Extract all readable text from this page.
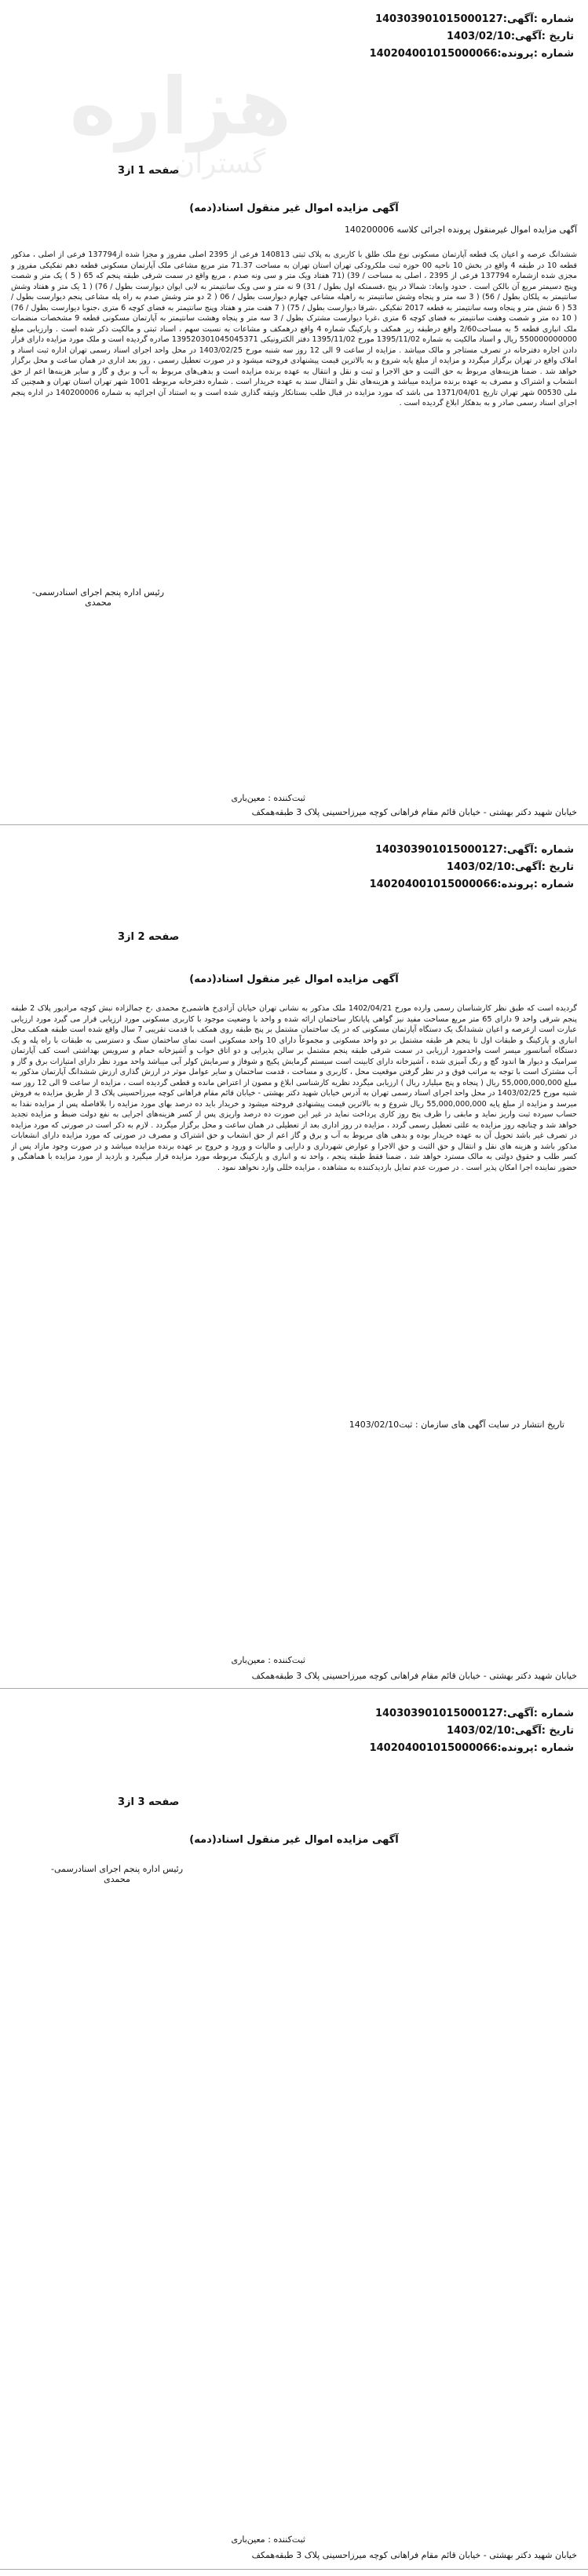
هزاره
گستران
شماره :آگهی:140303901015000127
تاریخ :آگهی:1403/02/10
شماره :پرونده:140204001015000066
صفحه 1 از3
آگهی مزایده اموال غیر منقول اسناد(دمه)
آگهی مزایده اموال غیرمنقول پرونده اجرائی کلاسه 140200006
ششدانگ عرصه و اعیان یک قطعه آپارتمان مسکونی نوع ملک طلق با کاربری به پلاک ثبتی 140813 فرعی از 2395 اصلی مفروز و مجزا شده از137794 فرعی از اصلی ، مذکور قطعه 10 در طبقه 4 واقع در بخش 10 ناحیه 00 حوزه ثبت ملکرودکی تهران استان تهران به مساحت 71.37 متر مربع مشاعی ملک آپارتمان مسکونی قطعه دهم تفکیکی مفروز و مجزی شده ازشماره 137794 فرعی از 2395 ، اصلی به مساحت / 39) (71 هفتاد ویک متر و سی ونه صدم ، مربع واقع در سمت شرقی طبقه پنجم که 65 ( 5 ) یک متر و شصت وپنج دسیمتر مربع آن بالکن است . حدود وابعاد: شمالا در پنج ،قسمتکه اول بطول / 31) 9 نه متر و سی ویک سانتیمتر به لابی ایوان دیوارست بطول / 76) ( 1 یک متر و هفتاد وشش سانتیمتر به پلکان بطول / 56) ( 3 سه متر و پنجاه وشش سانتیمتر به راهپله مشاعی چهارم دیوارست بطول / 06 ( 2 دو متر وشش صدم به راه پله مشاعی پنجم دیوارست بطول / 53 ( 6 شش متر و پنجاه وسه سانتیمتر به قطعه 2017 تفکیکی ،شرقا دیوارست بطول / 75) ( 7 هفت متر و هفتاد وپنج سانتیمتر به فضای کوچه 6 متری ،جنوبا دیوارست بطول / 76) ( 10 ده متر و شصت وهفت سانتیمتر به فضای کوچه 6 متری ،غربا دیوارست مشترک بطول / 3 سه متر و پنجاه وهشت سانتیمتر به آپارتمان مسکونی قطعه 9 مشخصات منضمات ملک انباری قطعه 5 به مساحت2/60 واقع درطبقه زیر همکف و پارکینگ شماره 4 واقع درهمکف و مشاعات به نسبت سهم ، اسناد ثبتی و مالکیت ذکر شده است . وارزیابی مبلغ 550000000000 ریال و اسناد مالکیت به شماره 1395/11/02 مورخ 1395/11/02 دفتر الکترونیکی 139520301045045371 صادره گردیده است و ملک مورد مزایده دارای قرار دادن اجاره دفترخانه در تصرف مستاجر و مالک میباشد . مزایده از ساعت 9 الی 12 روز سه شنبه مورخ 1403/02/25 در محل واحد اجرای اسناد رسمی تهران اداره ثبت اسناد و املاک واقع در تهران برگزار میگردد و مزایده از مبلغ پایه شروع و به بالاترین قیمت پیشنهادی فروخته میشود و در صورت تعطیل رسمی ، روز بعد اداری در همان ساعت و محل برگزار خواهد شد . ضمنا هزینه‌های مربوط به حق الثبت و حق الاجرا و ثبت و نقل و انتقال به عهده برنده مزایده است و بدهی‌های مربوط به آب و برق و گاز و سایر هزینه‌ها اعم از حق انشعاب و اشتراک و مصرف به عهده برنده مزایده میباشد و هزینه‌های نقل و انتقال سند به عهده خریدار است . شماره دفترخانه مربوطه 1001 شهر تهران استان تهران و همچنین کد ملی 00530 شهر تهران تاریخ 1371/04/01 می باشد که مورد مزایده در قبال طلب بستانکار وثیقه گذاری شده است و به استناد آن اجرائیه به شماره 140200006 در اداره پنجم اجرای اسناد رسمی صادر و به بدهکار ابلاغ گردیده است .
رئیس اداره پنجم اجرای اسنادرسمی-
محمدی
ثبت‌کننده : معین‌باری
خیابان شهید دکتر بهشتی - خیابان قائم مقام فراهانی کوچه میرزاحسینی پلاک 3 طبقه‌همکف
شماره :آگهی:140303901015000127
تاریخ :آگهی:1403/02/10
شماره :پرونده:140204001015000066
صفحه 2 از3
آگهی مزایده اموال غیر منقول اسناد(دمه)
گردیده است که طبق نظر کارشناسان رسمی وارده مورخ 1402/04/21 ملک مذکور به نشانی تهران خیابان آزادی‌خ هاشمی‌خ محمدی ،خ جمالزاده نبش کوچه مرادپور پلاک 2 طبقه پنجم شرقی واحد 9 دارای 65 متر مربع مساحت مفید نیز گواهی پایانکار ساختمان ارائه شده و واحد با وضعیت موجود با کاربری مسکونی مورد ارزیابی قرار می گیرد مورد ارزیابی عبارت است ازعرصه و اعیان ششدانگ یک دستگاه آپارتمان مسکونی که در یک ساختمان مشتمل بر پنج طبقه روی همکف با قدمت تقریبی 7 سال واقع شده است طبقه همکف محل انباری و پارکینگ و طبقات اول تا پنجم هر طبقه مشتمل بر دو واحد مسکونی و مجموعاً دارای 10 واحد مسکونی است نمای ساختمان سنگ و دسترسی به طبقات با راه پله و یک دستگاه آسانسور میسر است واحدمورد ارزیابی در سمت شرقی طبقه پنجم مشتمل بر سالن پذیرایی و دو اتاق خواب و آشپزخانه حمام و سرویس بهداشتی است کف آپارتمان سرامیک و دیوار ها اندود گچ و رنگ آمیزی شده ، آشپزخانه دارای کابینت است سیستم گرمایش پکیج و شوفاژ و سرمایش کولر آبی میباشد واحد مورد نظر دارای امتیازات برق و گاز و آب مشترک است با توجه به مراتب فوق و در نظر گرفتن موقعیت محل ، کاربری و مساحت ، قدمت ساختمان و سایر عوامل موثر در ارزش گذاری ارزش ششدانگ آپارتمان مذکور به مبلغ 55,000,000,000 ریال ( پنجاه و پنج میلیارد ریال ) ارزیابی میگردد نظریه کارشناسی ابلاغ و مصون از اعتراض مانده و قطعی گردیده است ، مزایده از ساعت 9 الی 12 روز سه شنبه مورخ 1403/02/25 در محل واحد اجرای اسناد رسمی تهران به آدرس خیابان شهید دکتر بهشتی - خیابان قائم مقام فراهانی کوچه میرزاحسینی پلاک 3 از طریق مزایده به فروش میرسد و مزایده از مبلغ پایه 55,000,000,000 ریال شروع و به بالاترین قیمت پیشنهادی فروخته میشود و خریدار باید ده درصد بهای مورد مزایده را بلافاصله پس از مزایده نقدا به حساب سپرده ثبت واریز نماید و مابقی را ظرف پنج روز کاری پرداخت نماید در غیر این صورت ده درصد واریزی پس از کسر هزینه‌های اجرایی به نفع دولت ضبط و مزایده تجدید خواهد شد و چنانچه روز مزایده به علتی تعطیل رسمی گردد ، مزایده در روز اداری بعد از تعطیلی در همان ساعت و محل برگزار میگردد . لازم به ذکر است در صورتی که مورد مزایده در تصرف غیر باشد تحویل آن به عهده خریدار بوده و بدهی های مربوط به آب و برق و گاز اعم از حق انشعاب و حق اشتراک و مصرف در صورتی که مورد مزایده دارای انشعابات مذکور باشد و هزینه های نقل و انتقال و حق الثبت و حق الاجرا و عوارض شهرداری و دارایی و مالیات و ورود و خروج بر عهده برنده مزایده میباشد و در صورت وجود مازاد پس از کسر طلب و حقوق دولتی به مالک مسترد خواهد شد ، ضمنا فقط طبقه پنجم ، واحد نه و انباری و پارکینگ مربوطه مورد مزایده قرار میگیرد و بازدید از مورد مزایده با هماهنگی و حضور نماینده اجرا امکان پذیر است . در صورت عدم تمایل بازدیدکننده به مشاهده ، مزایده خللی وارد نخواهد نمود .
تاریخ انتشار در سایت آگهی های سازمان : ثبت1403/02/10
ثبت‌کننده : معین‌باری
خیابان شهید دکتر بهشتی - خیابان قائم مقام فراهانی کوچه میرزاحسینی پلاک 3 طبقه‌همکف
شماره :آگهی:140303901015000127
تاریخ :آگهی:1403/02/10
شماره :پرونده:140204001015000066
صفحه 3 از3
آگهی مزایده اموال غیر منقول اسناد(دمه)
رئیس اداره پنجم اجرای اسنادرسمی-
محمدی
ثبت‌کننده : معین‌باری
خیابان شهید دکتر بهشتی - خیابان قائم مقام فراهانی کوچه میرزاحسینی پلاک 3 طبقه‌همکف
